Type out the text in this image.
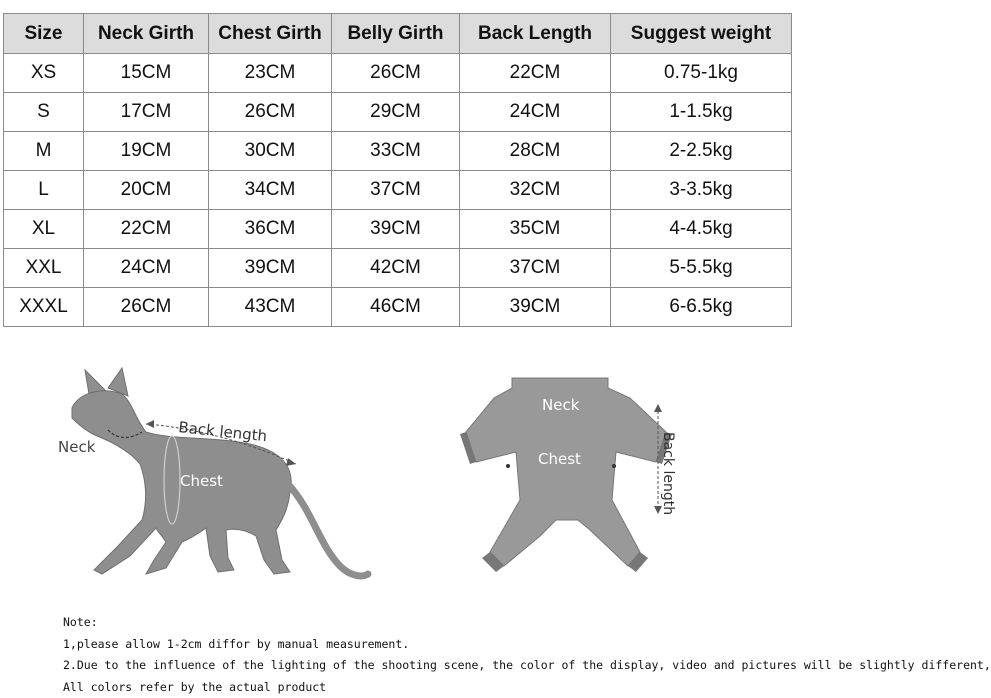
Size	Neck Girth	Chest Girth	Belly Girth	Back Length	Suggest weight
XS	15CM	23CM	26CM	22CM	0.75-1kg
S	17CM	26CM	29CM	24CM	1-1.5kg
M	19CM	30CM	33CM	28CM	2-2.5kg
L	20CM	34CM	37CM	32CM	3-3.5kg
XL	22CM	36CM	39CM	35CM	4-4.5kg
XXL	24CM	39CM	42CM	37CM	5-5.5kg
XXXL	26CM	43CM	46CM	39CM	6-6.5kg
Back length
Neck
Chest
Neck
Chest	Back length
Note:
1,please allow 1-2cm diffor by manual measurement.
2.Due to the influence of the lighting of the shooting scene, the color of the display, video and pictures will be slightly different,
All colors refer by the actual product
